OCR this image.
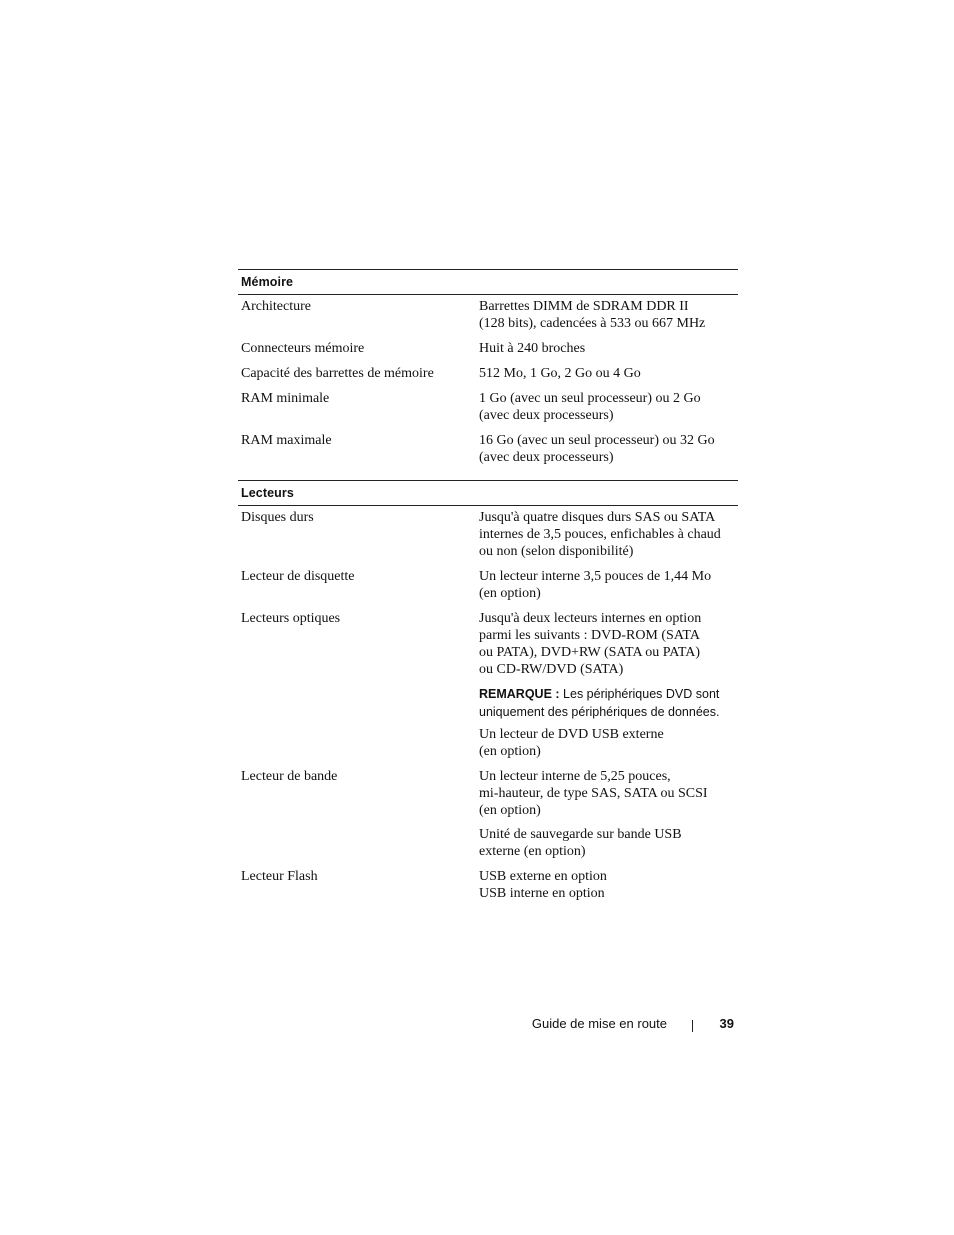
Mémoire
Architecture	Barrettes DIMM de SDRAM DDR II
(128 bits), cadencées à 533 ou 667 MHz
Connecteurs mémoire	Huit à 240 broches
Capacité des barrettes de mémoire	512 Mo, 1 Go, 2 Go ou 4 Go
RAM minimale	1 Go (avec un seul processeur) ou 2 Go
(avec deux processeurs)
RAM maximale	16 Go (avec un seul processeur) ou 32 Go
(avec deux processeurs)
Lecteurs
Disques durs	Jusqu'à quatre disques durs SAS ou SATA
internes de 3,5 pouces, enfichables à chaud
ou non (selon disponibilité)
Lecteur de disquette	Un lecteur interne 3,5 pouces de 1,44 Mo
(en option)
Lecteurs optiques	Jusqu'à deux lecteurs internes en option
parmi les suivants : DVD-ROM (SATA
ou PATA), DVD+RW (SATA ou PATA)
ou CD-RW/DVD (SATA)
REMARQUE : Les périphériques DVD sont
uniquement des périphériques de données.
Un lecteur de DVD USB externe
(en option)
Lecteur de bande	Un lecteur interne de 5,25 pouces,
mi-hauteur, de type SAS, SATA ou SCSI
(en option)
Unité de sauvegarde sur bande USB
externe (en option)
Lecteur Flash	USB externe en option
USB interne en option
Guide de mise en route	39
